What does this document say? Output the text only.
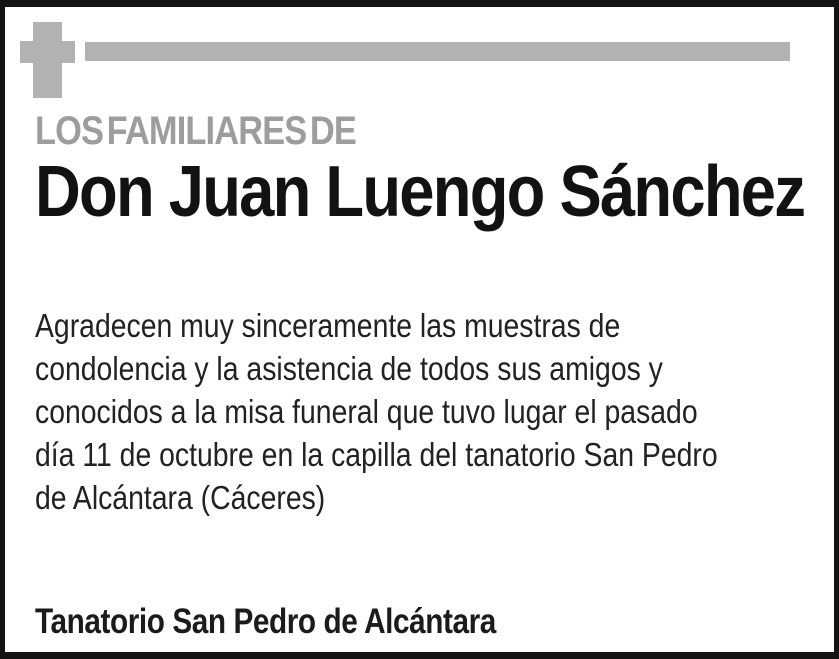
LOS FAMILIARES DE
Don Juan Luengo Sánchez
Agradecen muy sinceramente las muestras de
condolencia y la asistencia de todos sus amigos y
conocidos a la misa funeral que tuvo lugar el pasado
día 11 de octubre en la capilla del tanatorio San Pedro
de Alcántara (Cáceres)
Tanatorio San Pedro de Alcántara
